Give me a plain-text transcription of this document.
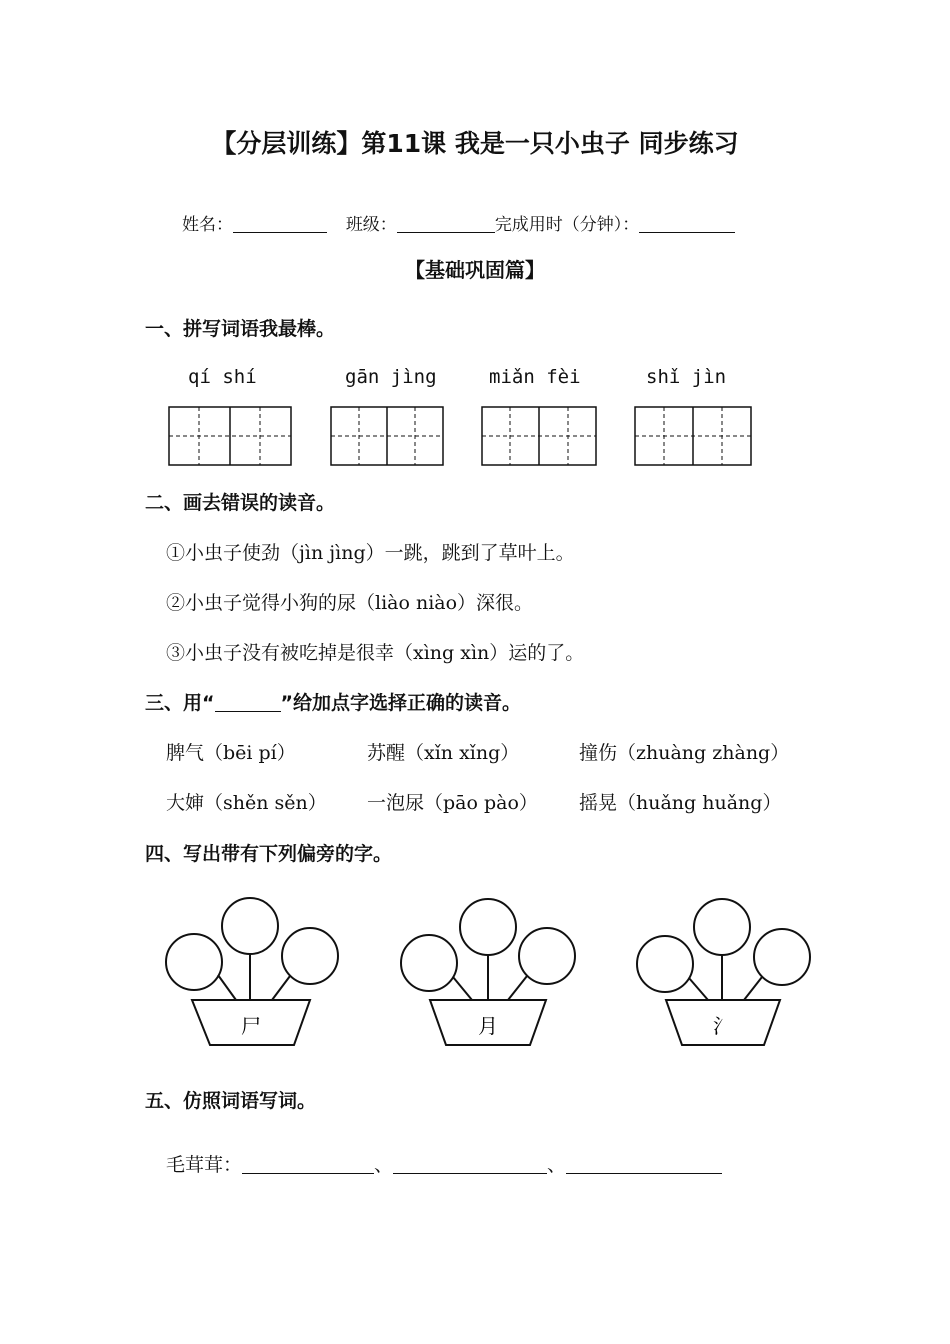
【分层训练】第11课 我是一只小虫子 同步练习
姓名：	班级：	完成用时（分钟）：
【基础巩固篇】
一、拼写词语我最棒。
qí shí	gān jìng	miǎn fèi	shǐ jìn
二、画去错误的读音。
①小虫子使劲（jìn jìng）一跳，跳到了草叶上。
②小虫子觉得小狗的尿（liào niào）深很。
③小虫子没有被吃掉是很幸（xìng xìn）运的了。
三、用“	”给加点字选择正确的读音。
脾气（bēi pí）	苏醒（xǐn xǐng）	撞伤（zhuàng zhàng）
大婶（shěn sěn） 一泡尿（pāo pào） 摇晃（huǎng huǎng）
四、写出带有下列偏旁的字。
尸	月	氵
五、仿照词语写词。
毛茸茸：	、	、
